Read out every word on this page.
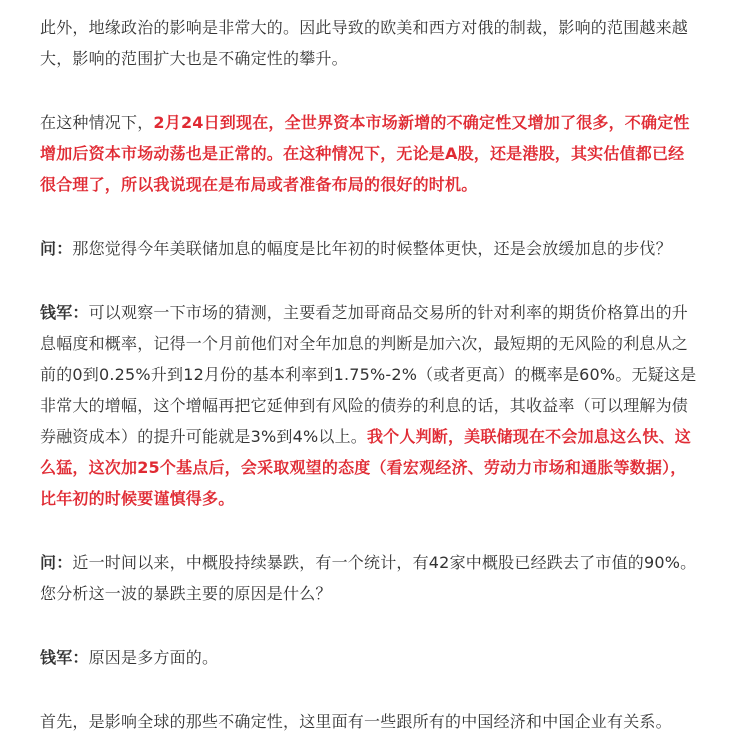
此外，地缘政治的影响是非常大的。因此导致的欧美和西方对俄的制裁，影响的范围越来越大，影响的范围扩大也是不确定性的攀升。

在这种情况下，2月24日到现在，全世界资本市场新增的不确定性又增加了很多，不确定性增加后资本市场动荡也是正常的。在这种情况下，无论是A股，还是港股，其实估值都已经很合理了，所以我说现在是布局或者准备布局的很好的时机。

问：那您觉得今年美联储加息的幅度是比年初的时候整体更快，还是会放缓加息的步伐？

钱军：可以观察一下市场的猜测，主要看芝加哥商品交易所的针对利率的期货价格算出的升息幅度和概率，记得一个月前他们对全年加息的判断是加六次，最短期的无风险的利息从之前的0到0.25%升到12月份的基本利率到1.75%-2%（或者更高）的概率是60%。无疑这是非常大的增幅，这个增幅再把它延伸到有风险的债券的利息的话，其收益率（可以理解为债券融资成本）的提升可能就是3%到4%以上。我个人判断，美联储现在不会加息这么快、这么猛，这次加25个基点后，会采取观望的态度（看宏观经济、劳动力市场和通胀等数据），比年初的时候要谨慎得多。

问：近一时间以来，中概股持续暴跌，有一个统计，有42家中概股已经跌去了市值的90%。您分析这一波的暴跌主要的原因是什么？

钱军：原因是多方面的。

首先，是影响全球的那些不确定性，这里面有一些跟所有的中国经济和中国企业有关系。
